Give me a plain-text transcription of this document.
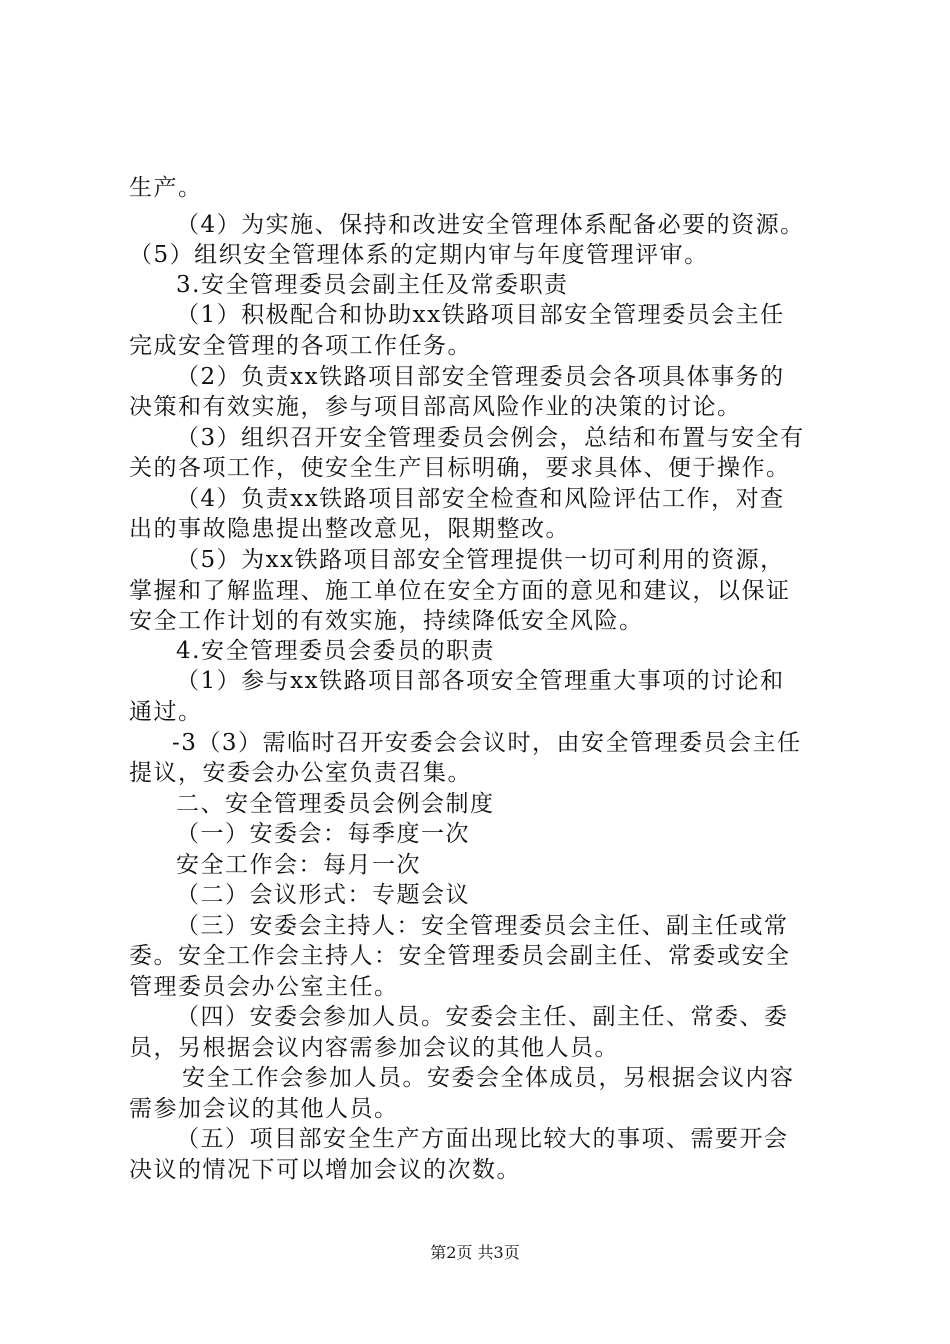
生产。
（4）为实施、保持和改进安全管理体系配备必要的资源。
（5）组织安全管理体系的定期内审与年度管理评审。
3.安全管理委员会副主任及常委职责
（1）积极配合和协助xx铁路项目部安全管理委员会主任
完成安全管理的各项工作任务。
（2）负责xx铁路项目部安全管理委员会各项具体事务的
决策和有效实施，参与项目部高风险作业的决策的讨论。
（3）组织召开安全管理委员会例会，总结和布置与安全有
关的各项工作，使安全生产目标明确，要求具体、便于操作。
（4）负责xx铁路项目部安全检查和风险评估工作，对查
出的事故隐患提出整改意见，限期整改。
（5）为xx铁路项目部安全管理提供一切可利用的资源，
掌握和了解监理、施工单位在安全方面的意见和建议，以保证
安全工作计划的有效实施，持续降低安全风险。
4.安全管理委员会委员的职责
（1）参与xx铁路项目部各项安全管理重大事项的讨论和
通过。
-3（3）需临时召开安委会会议时，由安全管理委员会主任
提议，安委会办公室负责召集。
二、安全管理委员会例会制度
（一）安委会：每季度一次
安全工作会：每月一次
（二）会议形式：专题会议
（三）安委会主持人：安全管理委员会主任、副主任或常
委。安全工作会主持人：安全管理委员会副主任、常委或安全
管理委员会办公室主任。
（四）安委会参加人员。安委会主任、副主任、常委、委
员，另根据会议内容需参加会议的其他人员。
安全工作会参加人员。安委会全体成员，另根据会议内容
需参加会议的其他人员。
（五）项目部安全生产方面出现比较大的事项、需要开会
决议的情况下可以增加会议的次数。
第2页 共3页
